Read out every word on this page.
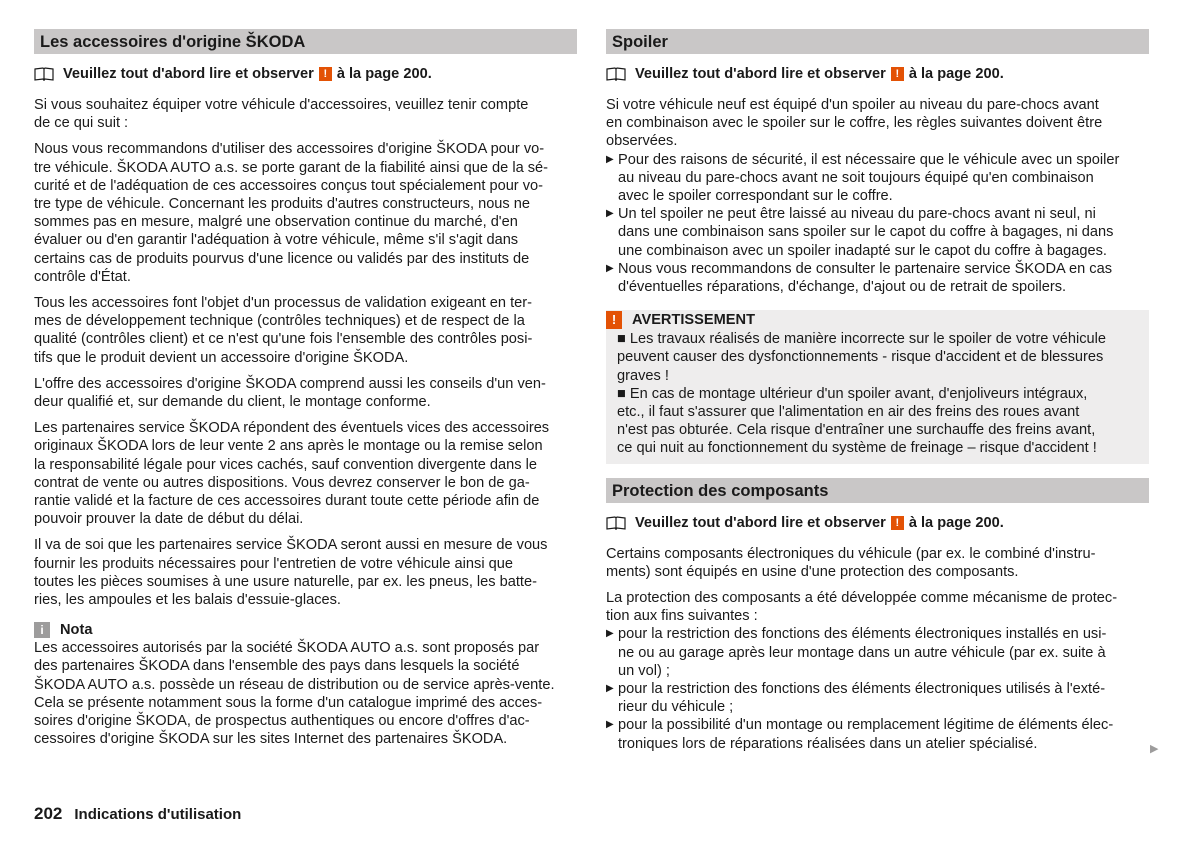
Les accessoires d'origine ŠKODA
Veuillez tout d'abord lire et observer ! à la page 200.

Si vous souhaitez équiper votre véhicule d'accessoires, veuillez tenir compte
de ce qui suit :

Nous vous recommandons d'utiliser des accessoires d'origine ŠKODA pour vo-
tre véhicule. ŠKODA AUTO a.s. se porte garant de la fiabilité ainsi que de la sé-
curité et de l'adéquation de ces accessoires conçus tout spécialement pour vo-
tre type de véhicule. Concernant les produits d'autres constructeurs, nous ne
sommes pas en mesure, malgré une observation continue du marché, d'en
évaluer ou d'en garantir l'adéquation à votre véhicule, même s'il s'agit dans
certains cas de produits pourvus d'une licence ou validés par des instituts de
contrôle d'État.

Tous les accessoires font l'objet d'un processus de validation exigeant en ter-
mes de développement technique (contrôles techniques) et de respect de la
qualité (contrôles client) et ce n'est qu'une fois l'ensemble des contrôles posi-
tifs que le produit devient un accessoire d'origine ŠKODA.

L'offre des accessoires d'origine ŠKODA comprend aussi les conseils d'un ven-
deur qualifié et, sur demande du client, le montage conforme.

Les partenaires service ŠKODA répondent des éventuels vices des accessoires
originaux ŠKODA lors de leur vente 2 ans après le montage ou la remise selon
la responsabilité légale pour vices cachés, sauf convention divergente dans le
contrat de vente ou autres dispositions. Vous devrez conserver le bon de ga-
rantie validé et la facture de ces accessoires durant toute cette période afin de
pouvoir prouver la date de début du délai.

Il va de soi que les partenaires service ŠKODA seront aussi en mesure de vous
fournir les produits nécessaires pour l'entretien de votre véhicule ainsi que
toutes les pièces soumises à une usure naturelle, par ex. les pneus, les batte-
ries, les ampoules et les balais d'essuie-glaces.

i	Nota
Les accessoires autorisés par la société ŠKODA AUTO a.s. sont proposés par
des partenaires ŠKODA dans l'ensemble des pays dans lesquels la société
ŠKODA AUTO a.s. possède un réseau de distribution ou de service après-vente.
Cela se présente notamment sous la forme d'un catalogue imprimé des acces-
soires d'origine ŠKODA, de prospectus authentiques ou encore d'offres d'ac-
cessoires d'origine ŠKODA sur les sites Internet des partenaires ŠKODA.
Spoiler
Veuillez tout d'abord lire et observer ! à la page 200.

Si votre véhicule neuf est équipé d'un spoiler au niveau du pare-chocs avant
en combinaison avec le spoiler sur le coffre, les règles suivantes doivent être
observées.

▶ Pour des raisons de sécurité, il est nécessaire que le véhicule avec un spoiler
au niveau du pare-chocs avant ne soit toujours équipé qu'en combinaison
avec le spoiler correspondant sur le coffre.
▶ Un tel spoiler ne peut être laissé au niveau du pare-chocs avant ni seul, ni
dans une combinaison sans spoiler sur le capot du coffre à bagages, ni dans
une combinaison avec un spoiler inadapté sur le capot du coffre à bagages.
▶ Nous vous recommandons de consulter le partenaire service ŠKODA en cas
d'éventuelles réparations, d'échange, d'ajout ou de retrait de spoilers.
!	AVERTISSEMENT
■ Les travaux réalisés de manière incorrecte sur le spoiler de votre véhicule
peuvent causer des dysfonctionnements - risque d'accident et de blessures
graves !
■ En cas de montage ultérieur d'un spoiler avant, d'enjoliveurs intégraux,
etc., il faut s'assurer que l'alimentation en air des freins des roues avant
n'est pas obturée. Cela risque d'entraîner une surchauffe des freins avant,
ce qui nuit au fonctionnement du système de freinage – risque d'accident !
Protection des composants
Veuillez tout d'abord lire et observer ! à la page 200.

Certains composants électroniques du véhicule (par ex. le combiné d'instru-
ments) sont équipés en usine d'une protection des composants.

La protection des composants a été développée comme mécanisme de protec-
tion aux fins suivantes :

▶ pour la restriction des fonctions des éléments électroniques installés en usi-
ne ou au garage après leur montage dans un autre véhicule (par ex. suite à
un vol) ;
▶ pour la restriction des fonctions des éléments électroniques utilisés à l'exté-
rieur du véhicule ;
▶ pour la possibilité d'un montage ou remplacement légitime de éléments élec-
troniques lors de réparations réalisées dans un atelier spécialisé.	▶
202 Indications d'utilisation
